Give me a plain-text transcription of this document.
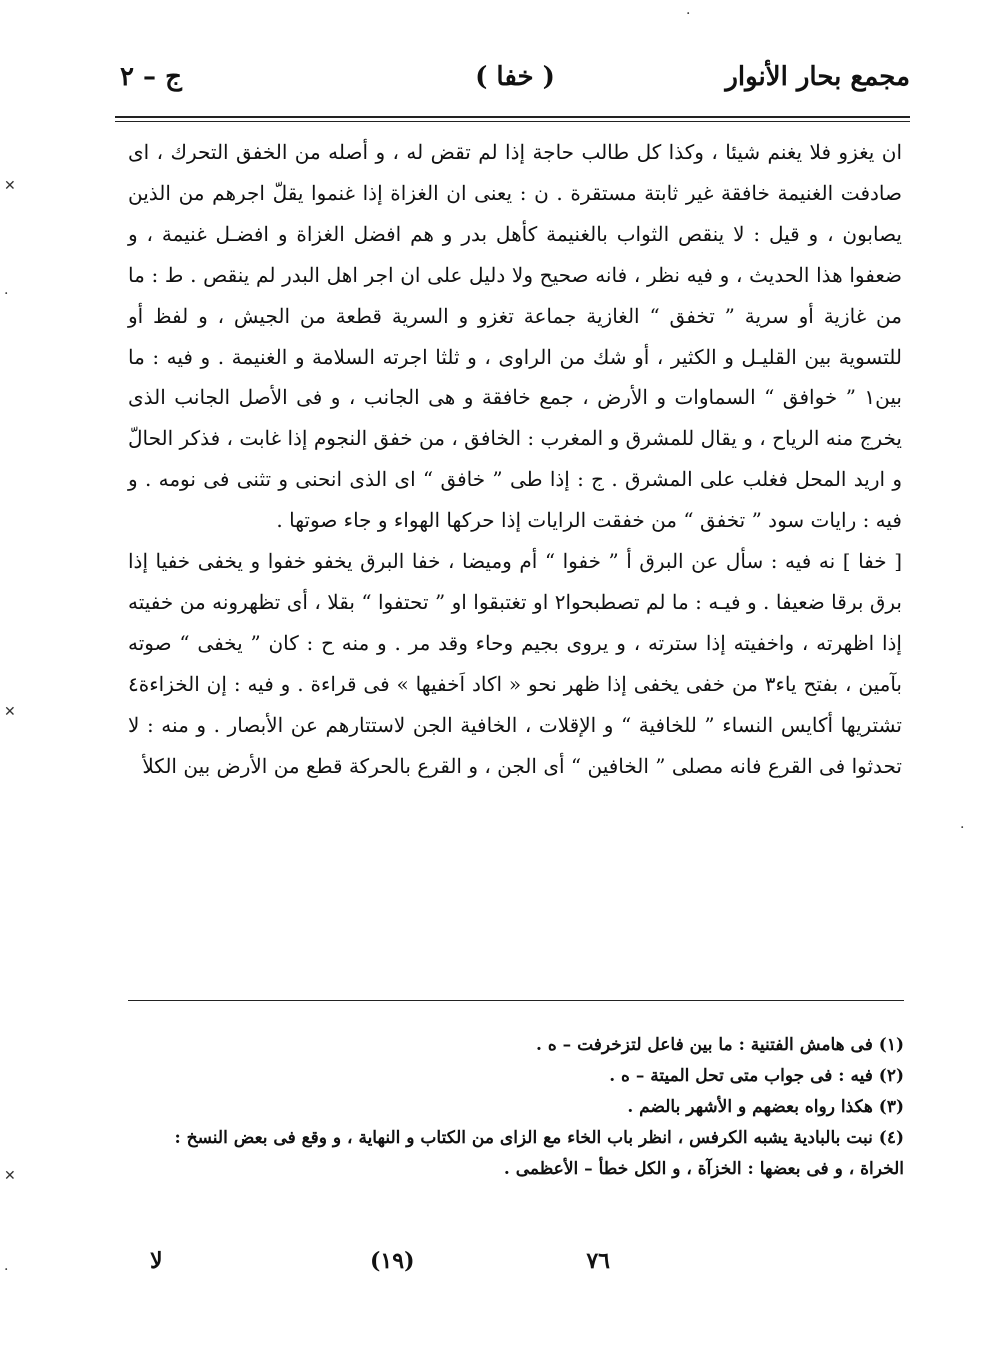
مجمع بحار الأنوار
( خفا )
ج – ٢

ان يغزو فلا يغنم شيئا ، وكذا كل طالب حاجة إذا لم تقض له ، و أصله من الخفق التحرك ، اى صادفت الغنيمة خافقة غير ثابتة مستقرة . ن : يعنى ان الغزاة إذا غنموا يقلّ اجرهم من الذين يصابون ، و قيل : لا ينقص الثواب بالغنيمة كأهل بدر و هم افضل الغزاة و افضـل غنيمة ، و ضعفوا هذا الحديث ، و فيه نظر ، فانه صحيح ولا دليل على ان اجر اهل البدر لم ينقص . ط : ما من غازية أو سرية ” تخفق “ الغازية جماعة تغزو و السرية قطعة من الجيش ، و لفظ أو للتسوية بين القليـل و الكثير ، أو شك من الراوى ، و ثلثا اجرته السلامة و الغنيمة . و فيه : ما بين١ ” خوافق “ السماوات و الأرض ، جمع خافقة و هى الجانب ، و فى الأصل الجانب الذى يخرج منه الرياح ، و يقال للمشرق و المغرب : الخافق ، من خفق النجوم إذا غابت ، فذكر الحالّ و اريد المحل فغلب على المشرق . ج : إذا طى ” خافق “ اى الذى انحنى و تثنى فى نومه . و فيه : رايات سود ” تخفق “ من خفقت الرايات إذا حركها الهواء و جاء صوتها .

[ خفا ] نه فيه : سأل عن البرق أ ” خفوا “ أم وميضا ، خفا البرق يخفو خفوا و يخفى خفيا إذا برق برقا ضعيفا . و فيـه : ما لم تصطبحوا٢ او تغتبقوا او ” تحتفوا “ بقلا ، أى تظهرونه من خفيته إذا اظهرته ، واخفيته إذا سترته ، و يروى بجيم وحاء وقد مر . و منه ح : كان ” يخفى “ صوته بآمين ، بفتح ياء٣ من خفى يخفى إذا ظهر نحو « اكاد اَخفيها » فى قراءة . و فيه : إن الخزاءة٤ تشتريها أكايس النساء ” للخافية “ و الإقلات ، الخافية الجن لاستتارهم عن الأبصار . و منه : لا تحدثوا فى القرع فانه مصلى ” الخافين “ أى الجن ، و القرع بالحركة قطع من الأرض بين الكلأ

(١) فى هامش الفتنية : ما بين فاعل لتزخرفت – ه .

(٢) فيه : فى جواب متى تحل الميتة – ه .

(٣) هكذا رواه بعضهم و الأشهر بالضم .

(٤) نبت بالبادية يشبه الكرفس ، انظر باب الخاء مع الزاى من الكتاب و النهاية ، و وقع فى بعض النسخ : الخراة ، و فى بعضها : الخزآة ، و الكل خطأ – الأعظمى .

٧٦
(١٩)
لا
✕
·
✕
✕
·
·
·
